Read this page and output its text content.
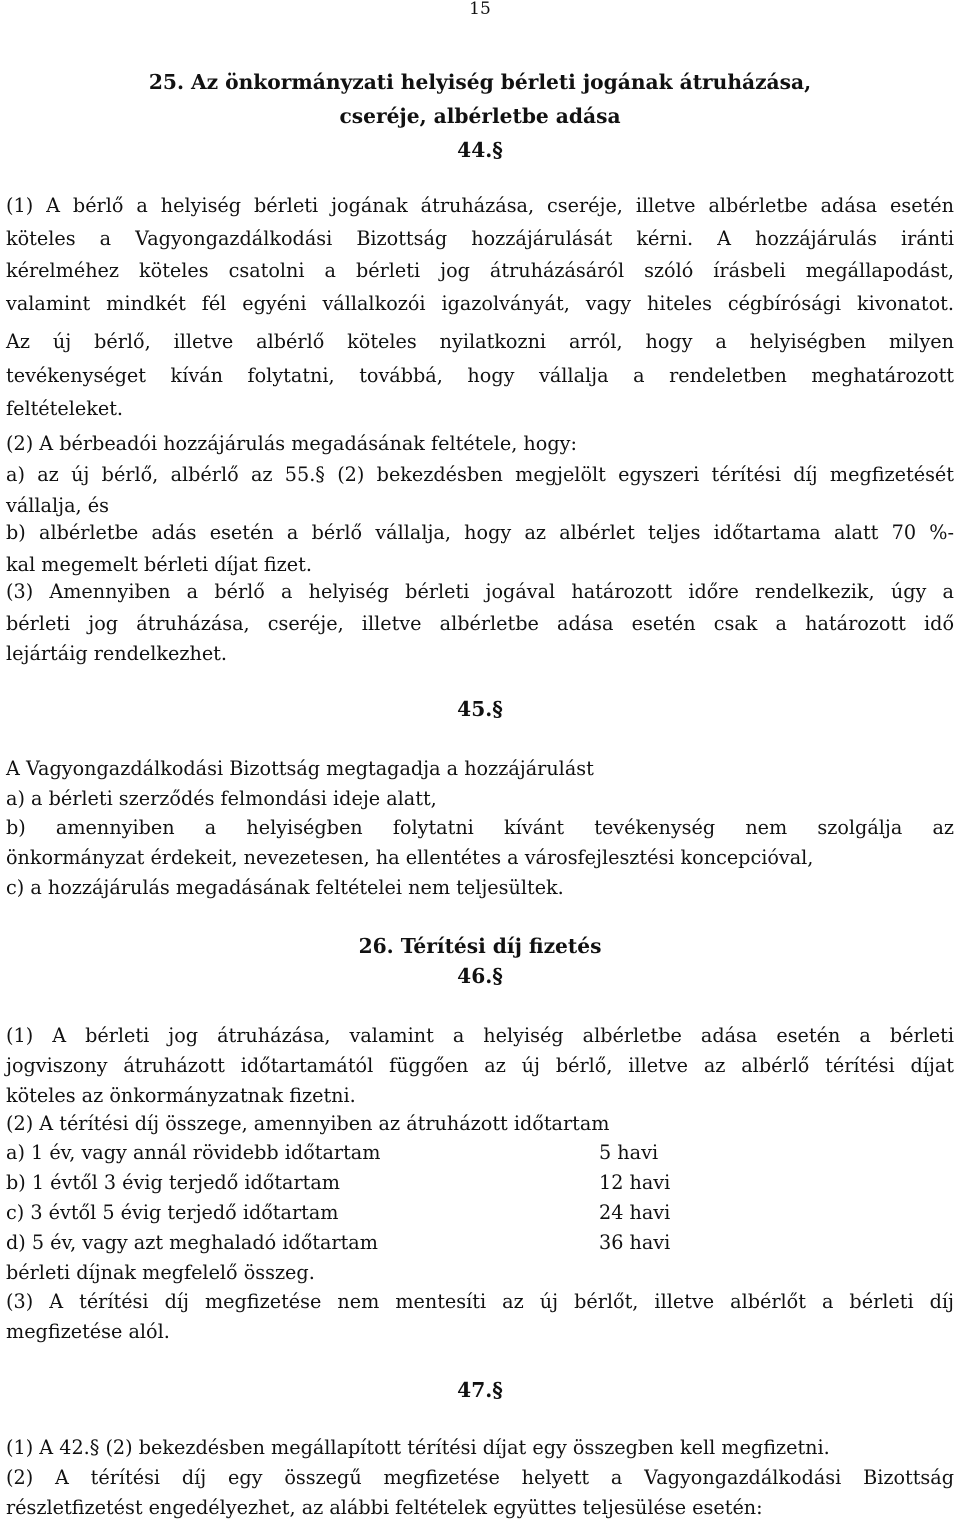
15
25. Az önkormányzati helyiség bérleti jogának átruházása,
cseréje, albérletbe adása
44.§
(1) A bérlő a helyiség bérleti jogának átruházása, cseréje, illetve albérletbe adása esetén
köteles a Vagyongazdálkodási Bizottság hozzájárulását kérni. A hozzájárulás iránti
kérelméhez köteles csatolni a bérleti jog átruházásáról szóló írásbeli megállapodást,
valamint mindkét fél egyéni vállalkozói igazolványát, vagy hiteles cégbírósági kivonatot.
Az új bérlő, illetve albérlő köteles nyilatkozni arról, hogy a helyiségben milyen
tevékenységet kíván folytatni, továbbá, hogy vállalja a rendeletben meghatározott
feltételeket.
(2) A bérbeadói hozzájárulás megadásának feltétele, hogy:
a) az új bérlő, albérlő az 55.§ (2) bekezdésben megjelölt egyszeri térítési díj megfizetését
vállalja, és
b) albérletbe adás esetén a bérlő vállalja, hogy az albérlet teljes időtartama alatt 70 %-
kal megemelt bérleti díjat fizet.
(3) Amennyiben a bérlő a helyiség bérleti jogával határozott időre rendelkezik, úgy a
bérleti jog átruházása, cseréje, illetve albérletbe adása esetén csak a határozott idő
lejártáig rendelkezhet.
45.§
A Vagyongazdálkodási Bizottság megtagadja a hozzájárulást
a) a bérleti szerződés felmondási ideje alatt,
b) amennyiben a helyiségben folytatni kívánt tevékenység nem szolgálja az
önkormányzat érdekeit, nevezetesen, ha ellentétes a városfejlesztési koncepcióval,
c) a hozzájárulás megadásának feltételei nem teljesültek.
26. Térítési díj fizetés
46.§
(1) A bérleti jog átruházása, valamint a helyiség albérletbe adása esetén a bérleti
jogviszony átruházott időtartamától függően az új bérlő, illetve az albérlő térítési díjat
köteles az önkormányzatnak fizetni.
(2) A térítési díj összege, amennyiben az átruházott időtartam
a) 1 év, vagy annál rövidebb időtartam	5 havi
b) 1 évtől 3 évig terjedő időtartam	12 havi
c) 3 évtől 5 évig terjedő időtartam	24 havi
d) 5 év, vagy azt meghaladó időtartam	36 havi
bérleti díjnak megfelelő összeg.
(3) A térítési díj megfizetése nem mentesíti az új bérlőt, illetve albérlőt a bérleti díj
megfizetése alól.
47.§
(1) A 42.§ (2) bekezdésben megállapított térítési díjat egy összegben kell megfizetni.
(2) A térítési díj egy összegű megfizetése helyett a Vagyongazdálkodási Bizottság
részletfizetést engedélyezhet, az alábbi feltételek együttes teljesülése esetén:
